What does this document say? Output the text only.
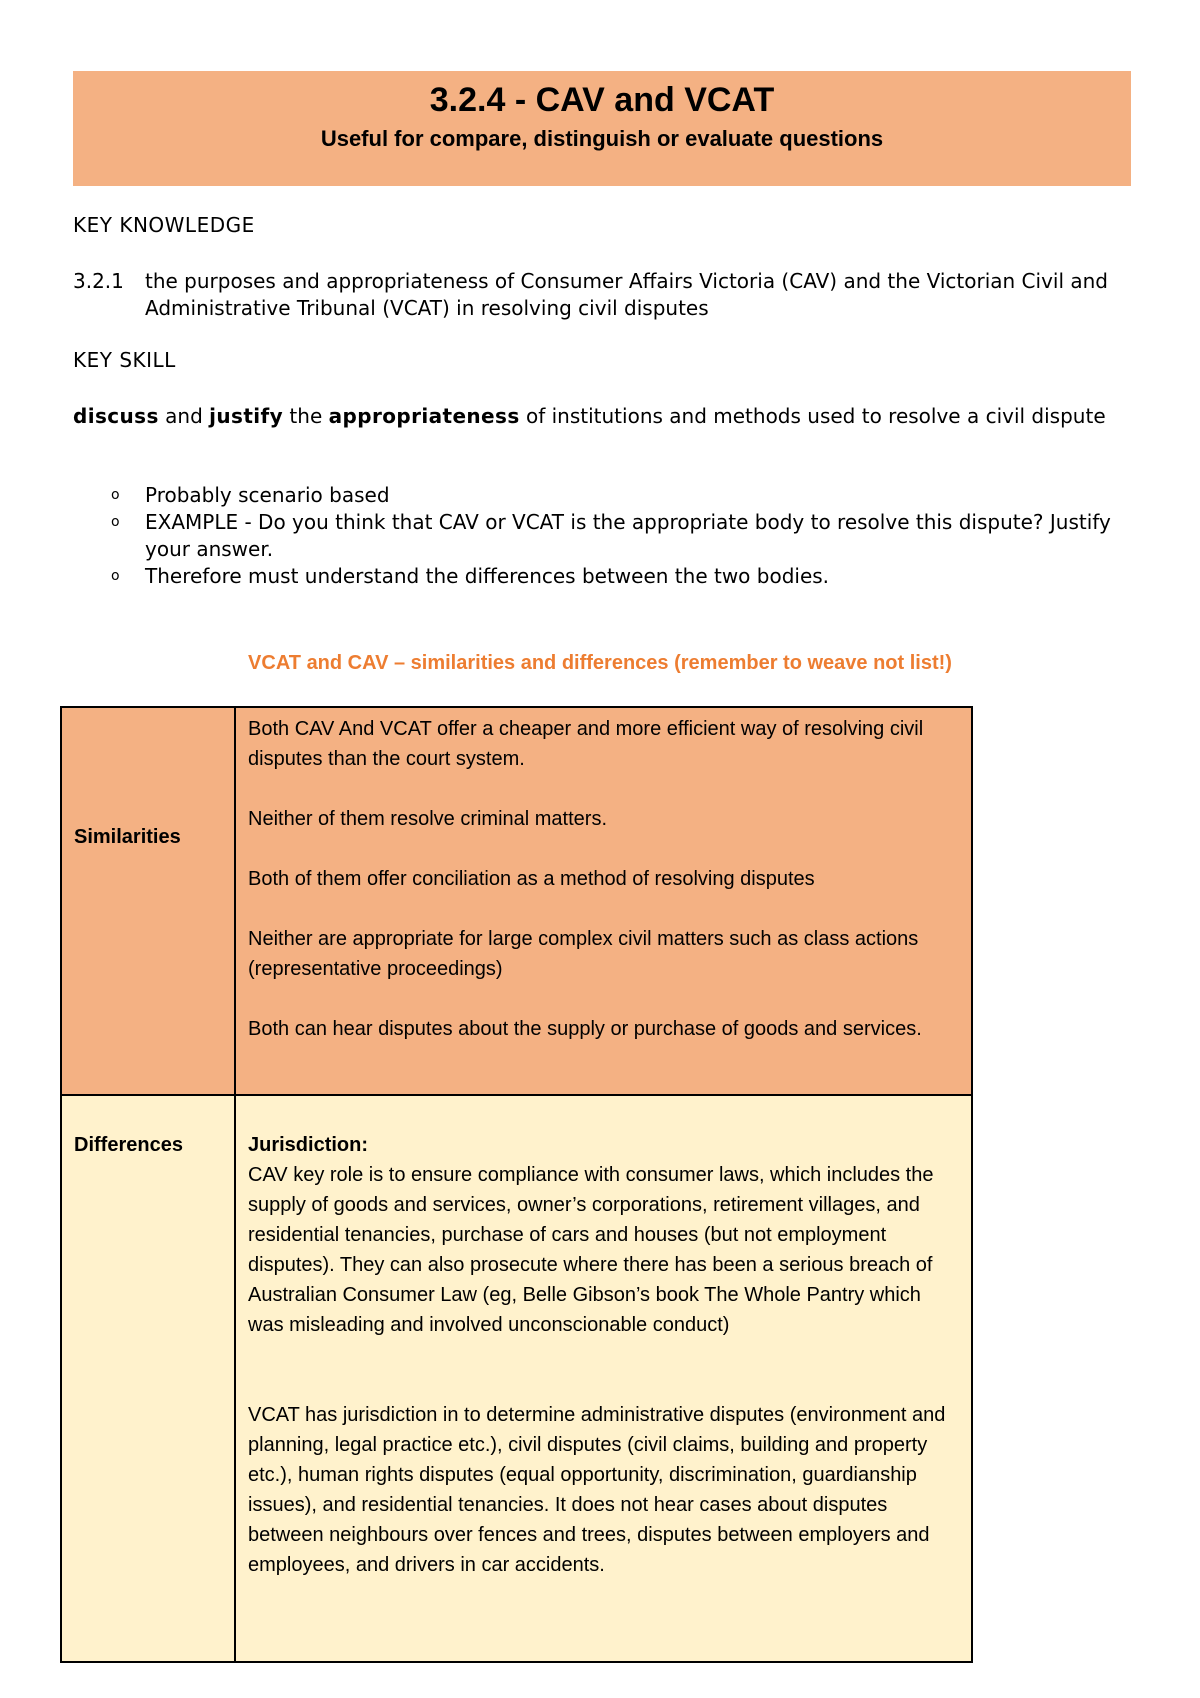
3.2.4 - CAV and VCAT
Useful for compare, distinguish or evaluate questions
KEY KNOWLEDGE
3.2.1 the purposes and appropriateness of Consumer Affairs Victoria (CAV) and the Victorian Civil and Administrative Tribunal (VCAT) in resolving civil disputes
KEY SKILL
discuss and justify the appropriateness of institutions and methods used to resolve a civil dispute
o Probably scenario based
o EXAMPLE - Do you think that CAV or VCAT is the appropriate body to resolve this dispute? Justify your answer.
o Therefore must understand the differences between the two bodies.
VCAT and CAV – similarities and differences (remember to weave not list!)
Similarities	Both CAV And VCAT offer a cheaper and more efficient way of resolving civil disputes than the court system.

Neither of them resolve criminal matters.

Both of them offer conciliation as a method of resolving disputes

Neither are appropriate for large complex civil matters such as class actions (representative proceedings)

Both can hear disputes about the supply or purchase of goods and services.

Differences	Jurisdiction:
CAV key role is to ensure compliance with consumer laws, which includes the supply of goods and services, owner’s corporations, retirement villages, and residential tenancies, purchase of cars and houses (but not employment disputes). They can also prosecute where there has been a serious breach of Australian Consumer Law (eg, Belle Gibson’s book The Whole Pantry which was misleading and involved unconscionable conduct)
VCAT has jurisdiction in to determine administrative disputes (environment and planning, legal practice etc.), civil disputes (civil claims, building and property etc.), human rights disputes (equal opportunity, discrimination, guardianship issues), and residential tenancies. It does not hear cases about disputes between neighbours over fences and trees, disputes between employers and employees, and drivers in car accidents.
